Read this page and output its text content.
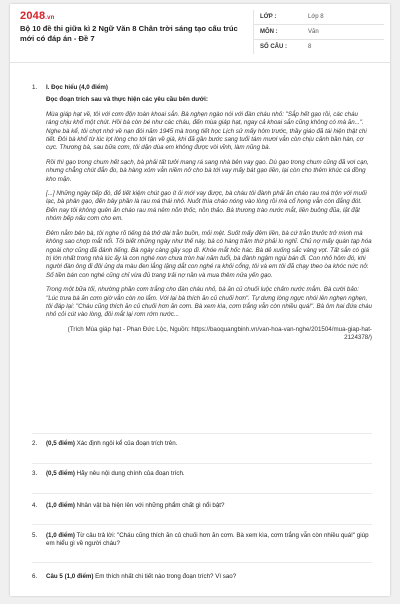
2048.vn
Bộ 10 đề thi giữa kì 2 Ngữ Văn 8 Chân trời sáng tạo cấu trúc mới có đáp án - Đề 7
LỚP :	Lớp 8
MÔN :	Văn
SỐ CÂU :	8
1.	I. Đọc hiểu (4,0 điểm)
Đọc đoạn trích sau và thực hiện các yêu cầu bên dưới:

Mùa giáp hạt về, tôi với cơm độn toàn khoai sắn. Bà nghẹn ngào nói với đàn cháu nhỏ: "Sắp hết gạo rồi, các cháu ráng chịu khổ một chút. Hồi bà còn bé như các cháu, đến mùa giáp hạt, ngay cả khoai sắn cũng không có mà ăn...". Nghe bà kể, tôi chợt nhớ về nạn đói năm 1945 mà trong tiết học Lịch sử mấy hôm trước, thầy giáo đã tái hiện thật chi tiết. Đôi bà khổ từ lúc lọt lòng cho tới tận về già, khi đã gần bước sang tuổi tám mươi vẫn còn chịu cảnh bần hàn, cơ cực. Thương bà, sau bữa cơm, tôi dặn dùa em không được vòi vĩnh, làm nũng bà.

Rồi thì gạo trong chum hết sạch, bà phải tất tưởi mang rá sang nhà bên vay gạo. Dù gạo trong chum cũng đã vơi cạn, nhưng chẳng chút đắn đo, bà hàng xóm vẫn niềm nở cho bà tới vay mấy bát gạo liền, lại còn cho thêm khúc cá đồng kho mặn.

[...] Những ngày tiếp đó, để tiết kiệm chút gạo ít ỏi mới vay được, bà cháu tôi đành phải ăn cháo rau má trộn với muối lạc, bà phân gạo, đến bây phần là rau má thái nhỏ. Nuốt thìa cháo nóng vào lòng rồi mà cổ họng vẫn còn đắng đót. Đến nay tôi không quên ăn cháo rau má nêm nõn thốc, nồn thảo. Bà thương trào nước mắt, liền buông đũa, lặt đặt nhóm bếp nấu cơm cho em.

Đêm nằm bên bà, tôi nghe rõ tiếng bà thở dài trằn buồn, mỏi mệt. Suốt mấy đêm liền, bà cứ trằn thưởc trở mình mà không sao chợp mắt nổi. Tôi biết những ngày như thế này, bà có hàng trăm thứ phải lo nghĩ. Chủ nợ mấy quán tạp hóa ngoài chợ cũng đã đánh tiếng. Bà ngày càng gầy sọp đi. Khóe mắt hốc hác. Bà dẻ xuống sắc vàng vọt. Tất sắn có giá trị lớn nhất trong nhà lúc ấy là con nghé non chưa tròn hai năm tuổi, bà đành ngậm ngùi bán đi. Con nhỏ hôm đó, khi người đàn ông đi đôi ủng da màu đen lắng lặng dắt con nghé ra khỏi cổng, tôi và em tôi đã chạy theo òa khóc nức nở. Số tiền bán con nghé cũng chỉ vừa đủ trang trải nợ nần và mua thêm nửa yến gạo.

Trong một bữa tối, nhường phần cơm trắng cho đàn cháu nhỏ, bà ăn củ chuối luộc chấm nước mắm. Bà cười bảo: "Lúc trưa bà ăn cơm giờ vẫn còn no lắm. Với lại bà thích ăn củ chuối hơn". Tự dưng lòng ngực nhói lên nghẹn nghẹn, tôi đáp lại: "Cháu cũng thích ăn củ chuối hơn ăn cơm. Bà xem kìa, cơm trắng vẫn còn nhiều quá!". Bà ôm hai đứa cháu nhỏ cỏi cút vào lòng, đôi mắt lại rơm rớm nước...

(Trích Mùa giáp hạt - Phan Đức Lộc, Nguồn: https://baoquangbinh.vn/van-hoa-van-nghe/201504/mua-giap-hat-2124378/)
2.	(0,5 điểm) Xác định ngôi kể của đoạn trích trên.
3.	(0,5 điểm) Hãy nêu nội dung chính của đoạn trích.
4.	(1,0 điểm) Nhân vật bà hiện lên với những phẩm chất gì nổi bật?
5.	(1,0 điểm) Từ câu trả lời: "Cháu cũng thích ăn củ chuối hơn ăn cơm. Bà xem kìa, cơm trắng vẫn còn nhiều quá!" giúp em hiểu gì về người cháu?
6.	Câu 5 (1,0 điểm) Em thích nhất chi tiết nào trong đoạn trích? Vì sao?
